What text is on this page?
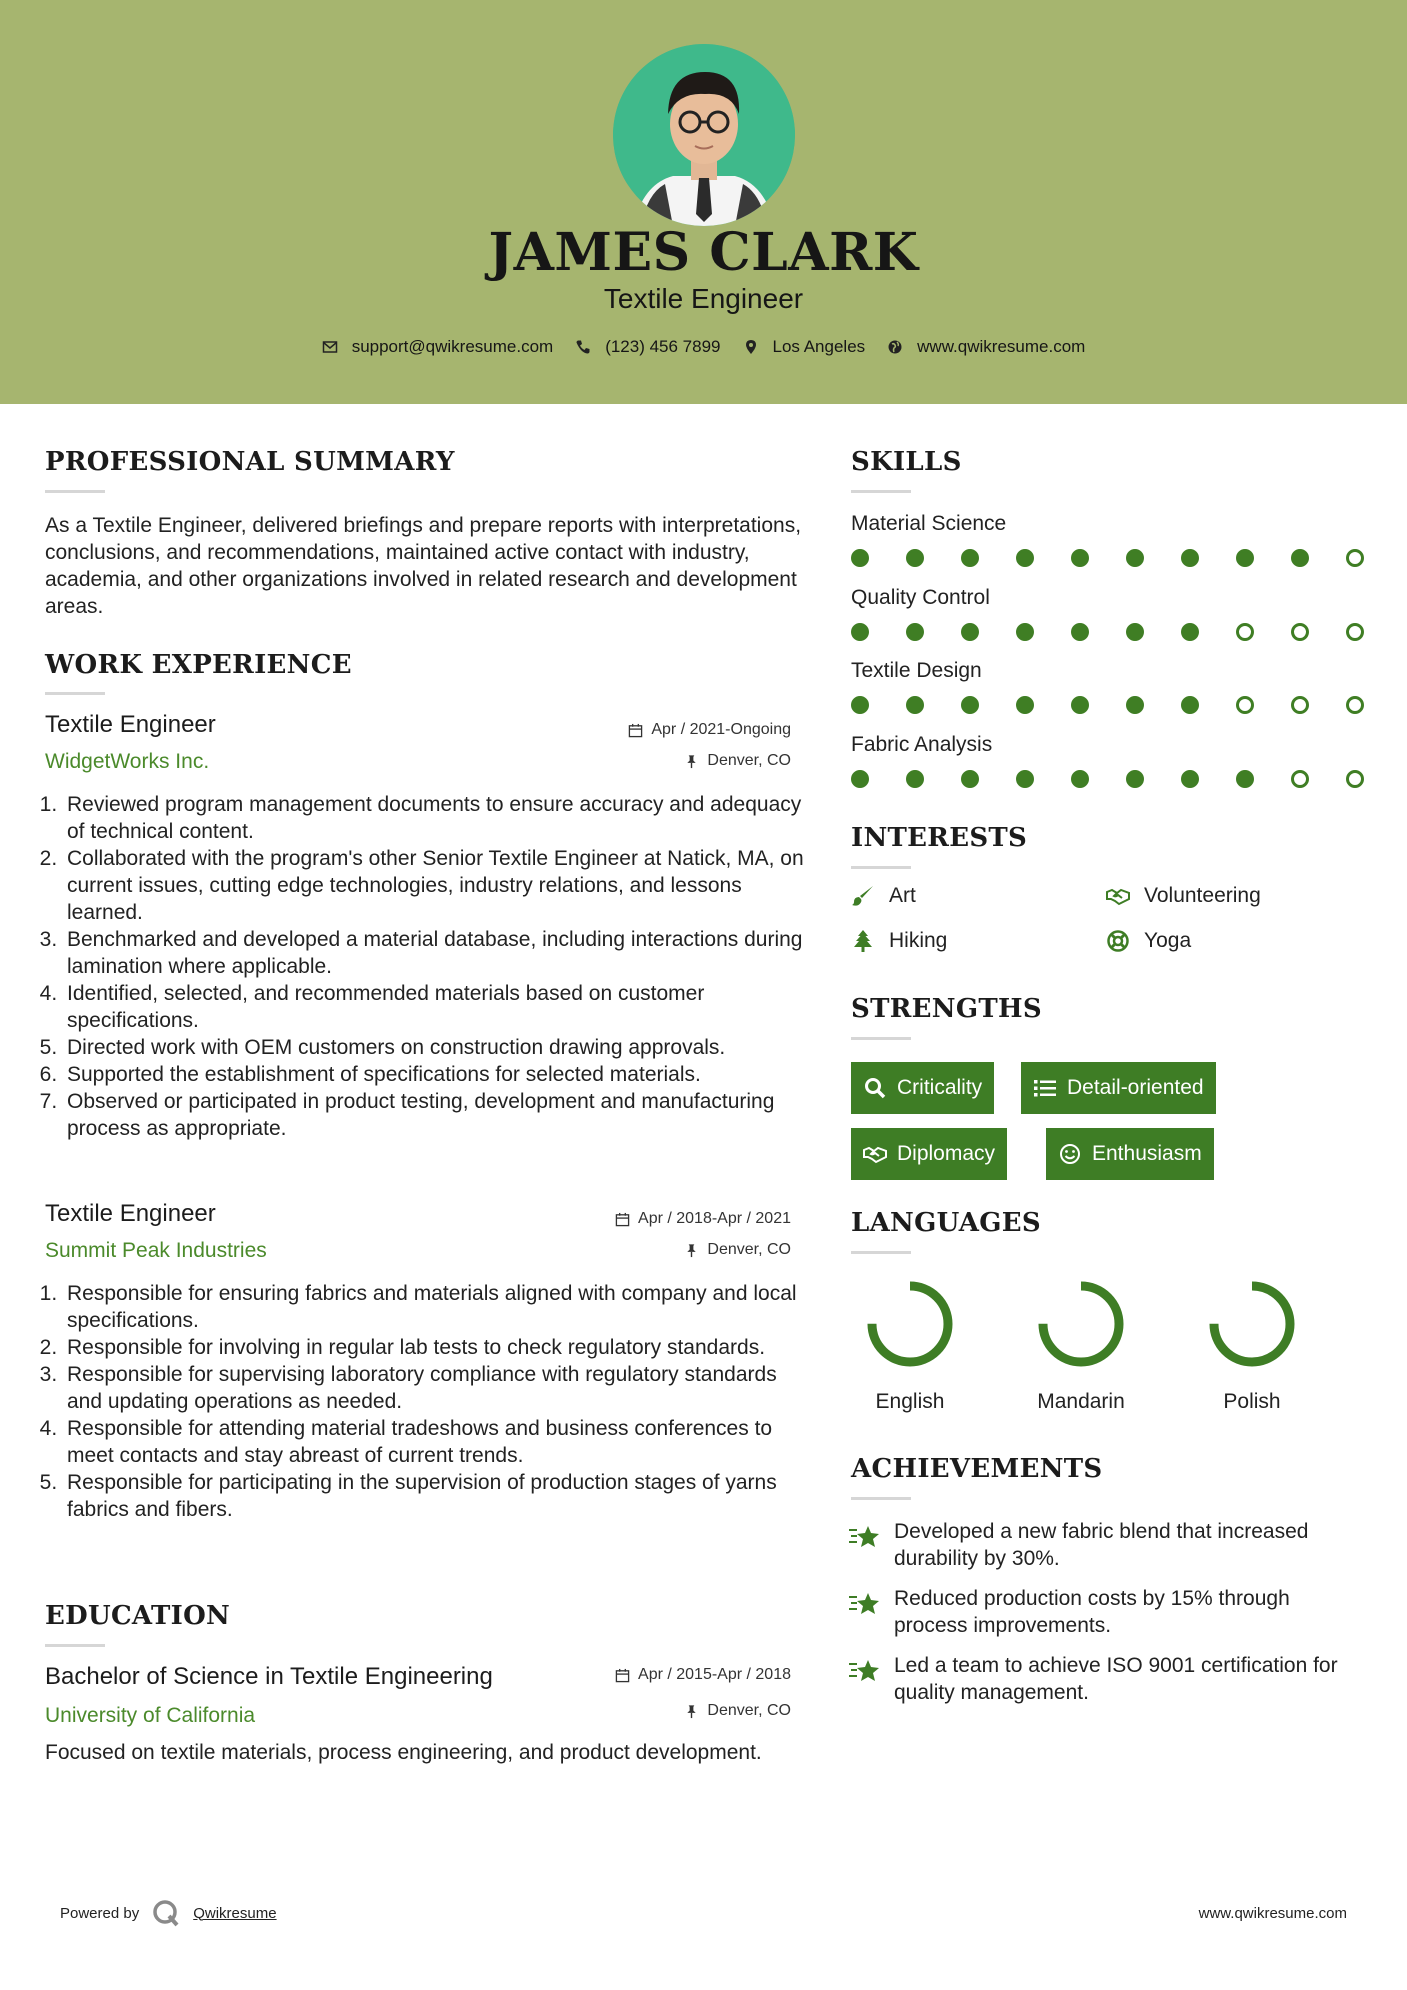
JAMES CLARK
Textile Engineer
support@qwikresume.com	(123) 456 7899	Los Angeles	www.qwikresume.com
PROFESSIONAL SUMMARY
As a Textile Engineer, delivered briefings and prepare reports with interpretations, conclusions, and recommendations, maintained active contact with industry, academia, and other organizations involved in related research and development areas.
WORK EXPERIENCE
Textile Engineer
WidgetWorks Inc.
Apr / 2021-Ongoing
Denver, CO
1. Reviewed program management documents to ensure accuracy and adequacy of technical content.
2. Collaborated with the program's other Senior Textile Engineer at Natick, MA, on current issues, cutting edge technologies, industry relations, and lessons learned.
3. Benchmarked and developed a material database, including interactions during lamination where applicable.
4. Identified, selected, and recommended materials based on customer specifications.
5. Directed work with OEM customers on construction drawing approvals.
6. Supported the establishment of specifications for selected materials.
7. Observed or participated in product testing, development and manufacturing process as appropriate.
Textile Engineer
Summit Peak Industries
Apr / 2018-Apr / 2021
Denver, CO
1. Responsible for ensuring fabrics and materials aligned with company and local specifications.
2. Responsible for involving in regular lab tests to check regulatory standards.
3. Responsible for supervising laboratory compliance with regulatory standards and updating operations as needed.
4. Responsible for attending material tradeshows and business conferences to meet contacts and stay abreast of current trends.
5. Responsible for participating in the supervision of production stages of yarns fabrics and fibers.
EDUCATION
Bachelor of Science in Textile Engineering
University of California
Apr / 2015-Apr / 2018
Denver, CO
Focused on textile materials, process engineering, and product development.
SKILLS
Material Science
Quality Control
Textile Design
Fabric Analysis
INTERESTS
Art	Volunteering
Hiking	Yoga
STRENGTHS
Criticality	Detail-oriented
Diplomacy	Enthusiasm
LANGUAGES
English	Mandarin	Polish
ACHIEVEMENTS
Developed a new fabric blend that increased durability by 30%.
Reduced production costs by 15% through process improvements.
Led a team to achieve ISO 9001 certification for quality management.
Powered by	Qwikresume	www.qwikresume.com
